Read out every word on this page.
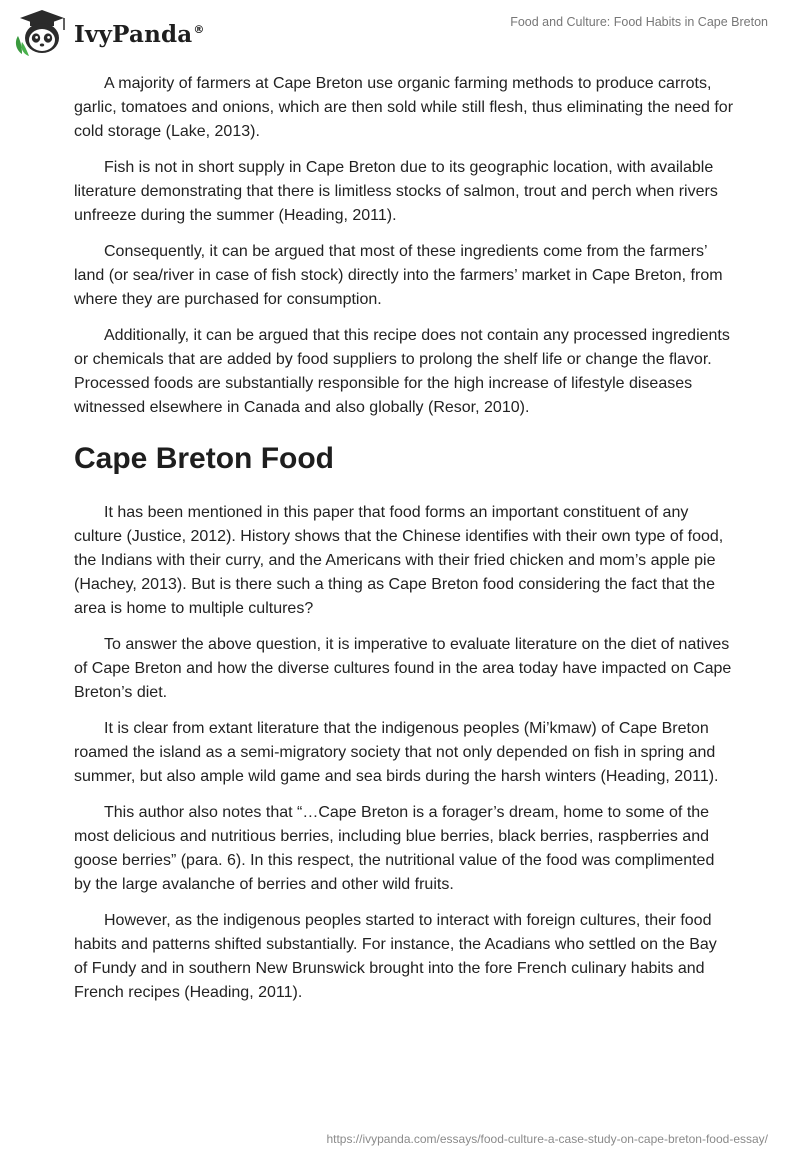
IvyPanda®
Food and Culture: Food Habits in Cape Breton

A majority of farmers at Cape Breton use organic farming methods to produce carrots, garlic, tomatoes and onions, which are then sold while still flesh, thus eliminating the need for cold storage (Lake, 2013).

Fish is not in short supply in Cape Breton due to its geographic location, with available literature demonstrating that there is limitless stocks of salmon, trout and perch when rivers unfreeze during the summer (Heading, 2011).

Consequently, it can be argued that most of these ingredients come from the farmers’ land (or sea/river in case of fish stock) directly into the farmers’ market in Cape Breton, from where they are purchased for consumption.

Additionally, it can be argued that this recipe does not contain any processed ingredients or chemicals that are added by food suppliers to prolong the shelf life or change the flavor. Processed foods are substantially responsible for the high increase of lifestyle diseases witnessed elsewhere in Canada and also globally (Resor, 2010).

Cape Breton Food

It has been mentioned in this paper that food forms an important constituent of any culture (Justice, 2012). History shows that the Chinese identifies with their own type of food, the Indians with their curry, and the Americans with their fried chicken and mom’s apple pie (Hachey, 2013). But is there such a thing as Cape Breton food considering the fact that the area is home to multiple cultures?

To answer the above question, it is imperative to evaluate literature on the diet of natives of Cape Breton and how the diverse cultures found in the area today have impacted on Cape Breton’s diet.

It is clear from extant literature that the indigenous peoples (Mi’kmaw) of Cape Breton roamed the island as a semi-migratory society that not only depended on fish in spring and summer, but also ample wild game and sea birds during the harsh winters (Heading, 2011).

This author also notes that “…Cape Breton is a forager’s dream, home to some of the most delicious and nutritious berries, including blue berries, black berries, raspberries and goose berries” (para. 6). In this respect, the nutritional value of the food was complimented by the large avalanche of berries and other wild fruits.

However, as the indigenous peoples started to interact with foreign cultures, their food habits and patterns shifted substantially. For instance, the Acadians who settled on the Bay of Fundy and in southern New Brunswick brought into the fore French culinary habits and French recipes (Heading, 2011).

https://ivypanda.com/essays/food-culture-a-case-study-on-cape-breton-food-essay/
